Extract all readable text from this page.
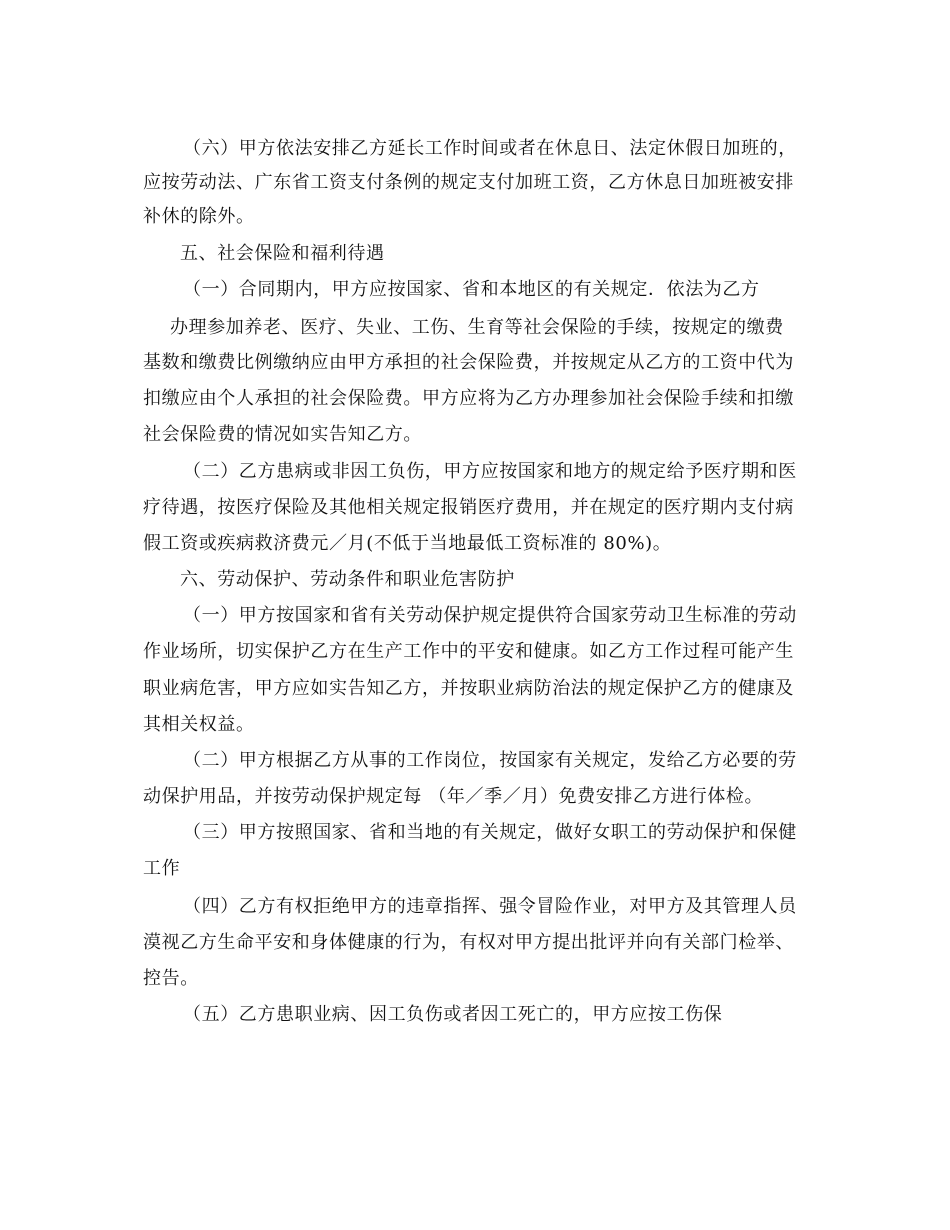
（六）甲方依法安排乙方延长工作时间或者在休息日、法定休假日加班的，
应按劳动法、广东省工资支付条例的规定支付加班工资，乙方休息日加班被安排
补休的除外。
五、社会保险和福利待遇
（一）合同期内，甲方应按国家、省和本地区的有关规定．依法为乙方
办理参加养老、医疗、失业、工伤、生育等社会保险的手续，按规定的缴费
基数和缴费比例缴纳应由甲方承担的社会保险费，并按规定从乙方的工资中代为
扣缴应由个人承担的社会保险费。甲方应将为乙方办理参加社会保险手续和扣缴
社会保险费的情况如实告知乙方。
（二）乙方患病或非因工负伤，甲方应按国家和地方的规定给予医疗期和医
疗待遇，按医疗保险及其他相关规定报销医疗费用，并在规定的医疗期内支付病
假工资或疾病救济费元／月(不低于当地最低工资标准的 80%)。
六、劳动保护、劳动条件和职业危害防护
（一）甲方按国家和省有关劳动保护规定提供符合国家劳动卫生标准的劳动
作业场所，切实保护乙方在生产工作中的平安和健康。如乙方工作过程可能产生
职业病危害，甲方应如实告知乙方，并按职业病防治法的规定保护乙方的健康及
其相关权益。
（二）甲方根据乙方从事的工作岗位，按国家有关规定，发给乙方必要的劳
动保护用品，并按劳动保护规定每 （年／季／月）免费安排乙方进行体检。
（三）甲方按照国家、省和当地的有关规定，做好女职工的劳动保护和保健
工作
（四）乙方有权拒绝甲方的违章指挥、强令冒险作业，对甲方及其管理人员
漠视乙方生命平安和身体健康的行为，有权对甲方提出批评并向有关部门检举、
控告。
（五）乙方患职业病、因工负伤或者因工死亡的，甲方应按工伤保
